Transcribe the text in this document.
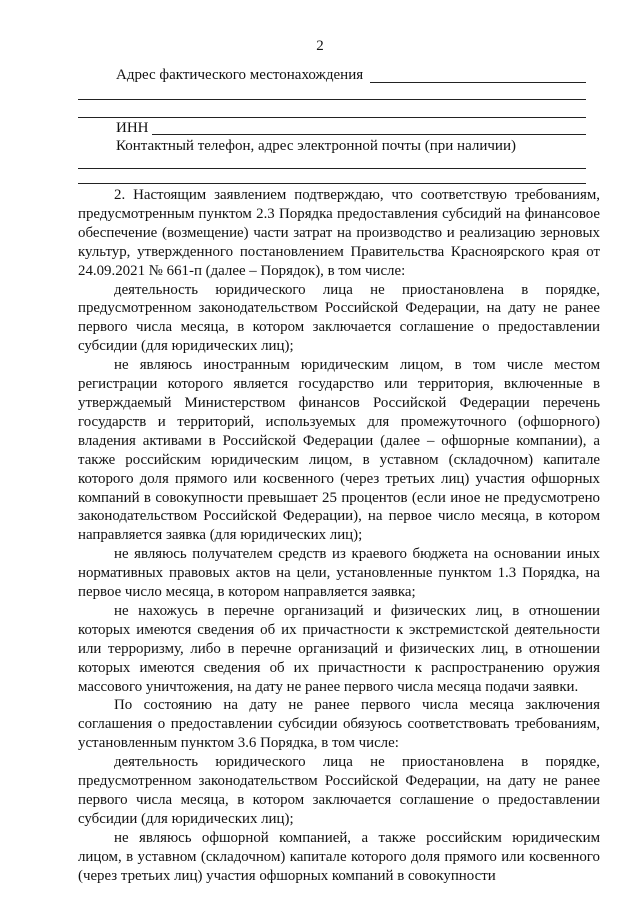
2
Адрес фактического местонахождения
ИНН
Контактный телефон, адрес электронной почты (при наличии)

2. Настоящим заявлением подтверждаю, что соответствую требованиям, предусмотренным пунктом 2.3 Порядка предоставления субсидий на финансовое обеспечение (возмещение) части затрат на производство и реализацию зерновых культур, утвержденного постановлением Правительства Красноярского края от 24.09.2021 № 661-п (далее – Порядок), в том числе:

деятельность юридического лица не приостановлена в порядке, предусмотренном законодательством Российской Федерации, на дату не ранее первого числа месяца, в котором заключается соглашение о предоставлении субсидии (для юридических лиц);

не являюсь иностранным юридическим лицом, в том числе местом регистрации которого является государство или территория, включенные в утверждаемый Министерством финансов Российской Федерации перечень государств и территорий, используемых для промежуточного (офшорного) владения активами в Российской Федерации (далее – офшорные компании), а также российским юридическим лицом, в уставном (складочном) капитале которого доля прямого или косвенного (через третьих лиц) участия офшорных компаний в совокупности превышает 25 процентов (если иное не предусмотрено законодательством Российской Федерации), на первое число месяца, в котором направляется заявка (для юридических лиц);

не являюсь получателем средств из краевого бюджета на основании иных нормативных правовых актов на цели, установленные пунктом 1.3 Порядка, на первое число месяца, в котором направляется заявка;

не нахожусь в перечне организаций и физических лиц, в отношении которых имеются сведения об их причастности к экстремистской деятельности или терроризму, либо в перечне организаций и физических лиц, в отношении которых имеются сведения об их причастности к распространению оружия массового уничтожения, на дату не ранее первого числа месяца подачи заявки.

По состоянию на дату не ранее первого числа месяца заключения соглашения о предоставлении субсидии обязуюсь соответствовать требованиям, установленным пунктом 3.6 Порядка, в том числе:

деятельность юридического лица не приостановлена в порядке, предусмотренном законодательством Российской Федерации, на дату не ранее первого числа месяца, в котором заключается соглашение о предоставлении субсидии (для юридических лиц);

не являюсь офшорной компанией, а также российским юридическим лицом, в уставном (складочном) капитале которого доля прямого или косвенного (через третьих лиц) участия офшорных компаний в совокупности
